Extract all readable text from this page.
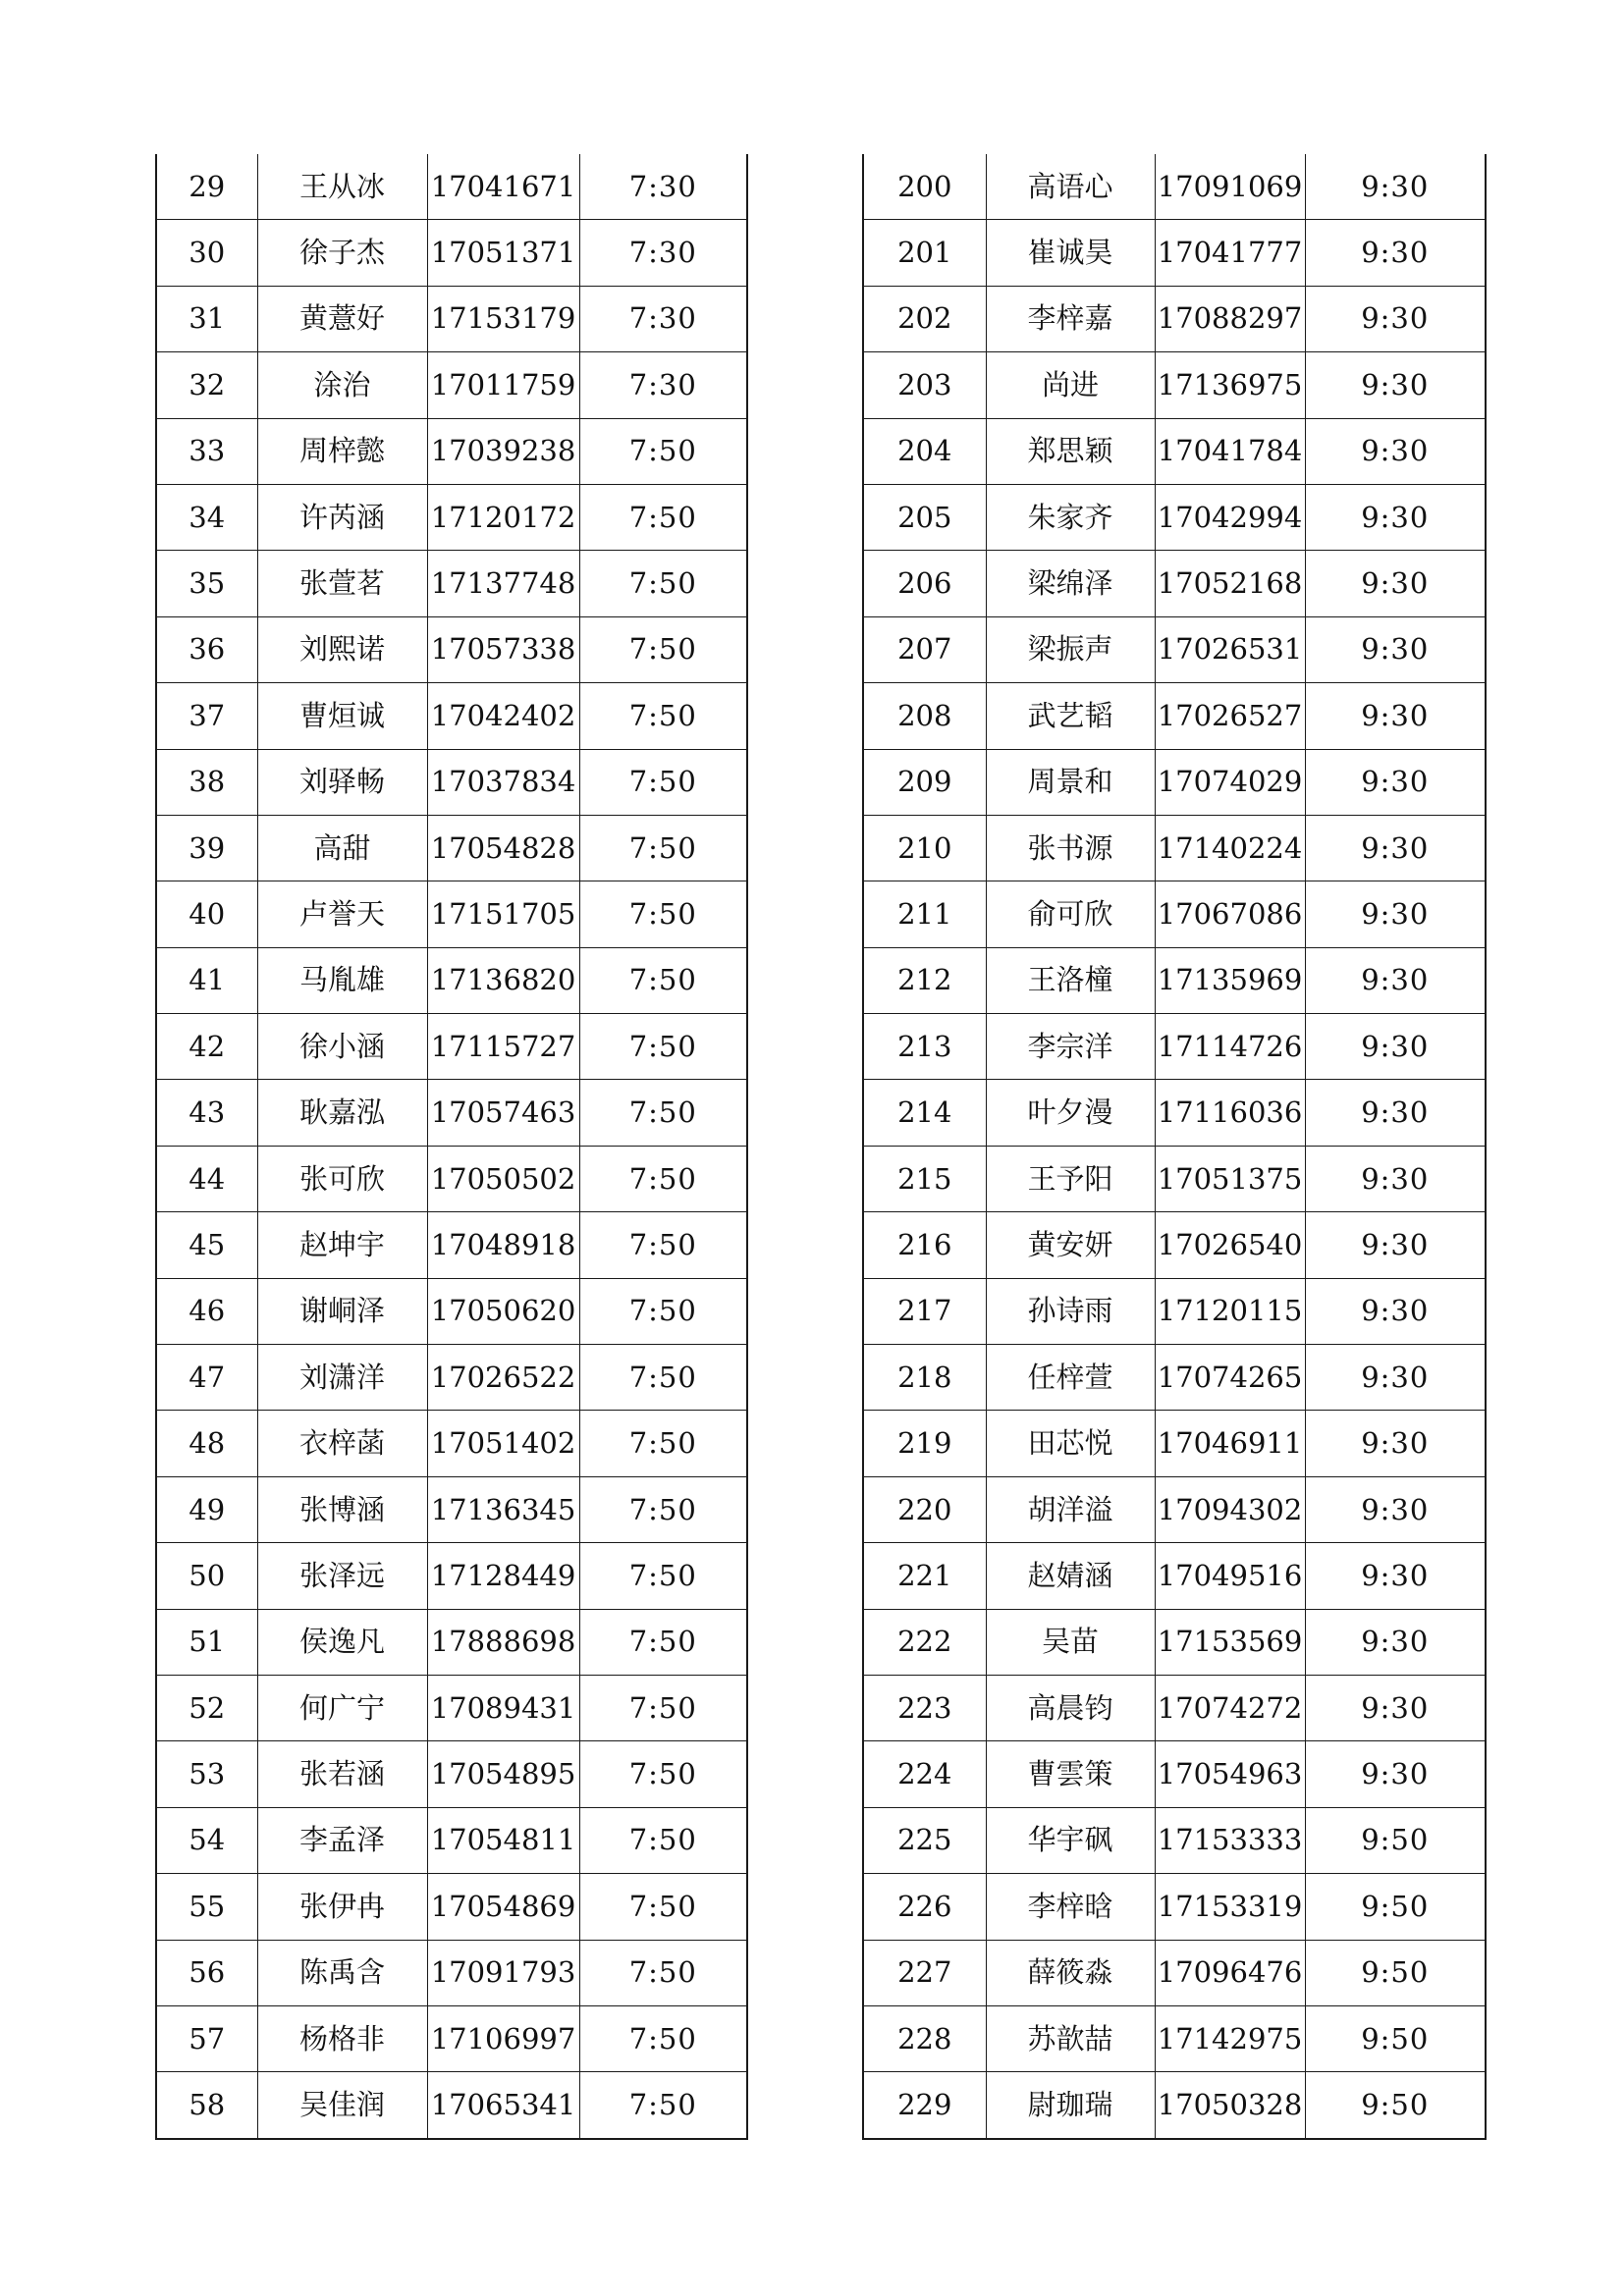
29	王从冰	17041671	7:30
30	徐子杰	17051371	7:30
31	黄薏好	17153179	7:30
32	涂治	17011759	7:30
33	周梓懿	17039238	7:50
34	许芮涵	17120172	7:50
35	张萱茗	17137748	7:50
36	刘熙诺	17057338	7:50
37	曹烜诚	17042402	7:50
38	刘驿畅	17037834	7:50
39	高甜	17054828	7:50
40	卢誉天	17151705	7:50
41	马胤雄	17136820	7:50
42	徐小涵	17115727	7:50
43	耿嘉泓	17057463	7:50
44	张可欣	17050502	7:50
45	赵坤宇	17048918	7:50
46	谢峒泽	17050620	7:50
47	刘潇洋	17026522	7:50
48	衣梓菡	17051402	7:50
49	张博涵	17136345	7:50
50	张泽远	17128449	7:50
51	侯逸凡	17888698	7:50
52	何广宁	17089431	7:50
53	张若涵	17054895	7:50
54	李孟泽	17054811	7:50
55	张伊冉	17054869	7:50
56	陈禹含	17091793	7:50
57	杨格非	17106997	7:50
58	吴佳润	17065341	7:50
200	高语心	17091069	9:30
201	崔诚昊	17041777	9:30
202	李梓嘉	17088297	9:30
203	尚进	17136975	9:30
204	郑思颖	17041784	9:30
205	朱家齐	17042994	9:30
206	梁绵泽	17052168	9:30
207	梁振声	17026531	9:30
208	武艺韬	17026527	9:30
209	周景和	17074029	9:30
210	张书源	17140224	9:30
211	俞可欣	17067086	9:30
212	王洛橦	17135969	9:30
213	李宗洋	17114726	9:30
214	叶夕漫	17116036	9:30
215	王予阳	17051375	9:30
216	黄安妍	17026540	9:30
217	孙诗雨	17120115	9:30
218	任梓萱	17074265	9:30
219	田芯悦	17046911	9:30
220	胡洋溢	17094302	9:30
221	赵婧涵	17049516	9:30
222	吴苗	17153569	9:30
223	高晨钧	17074272	9:30
224	曹雲策	17054963	9:30
225	华宇砜	17153333	9:50
226	李梓晗	17153319	9:50
227	薛筱淼	17096476	9:50
228	苏歆喆	17142975	9:50
229	尉珈瑞	17050328	9:50
